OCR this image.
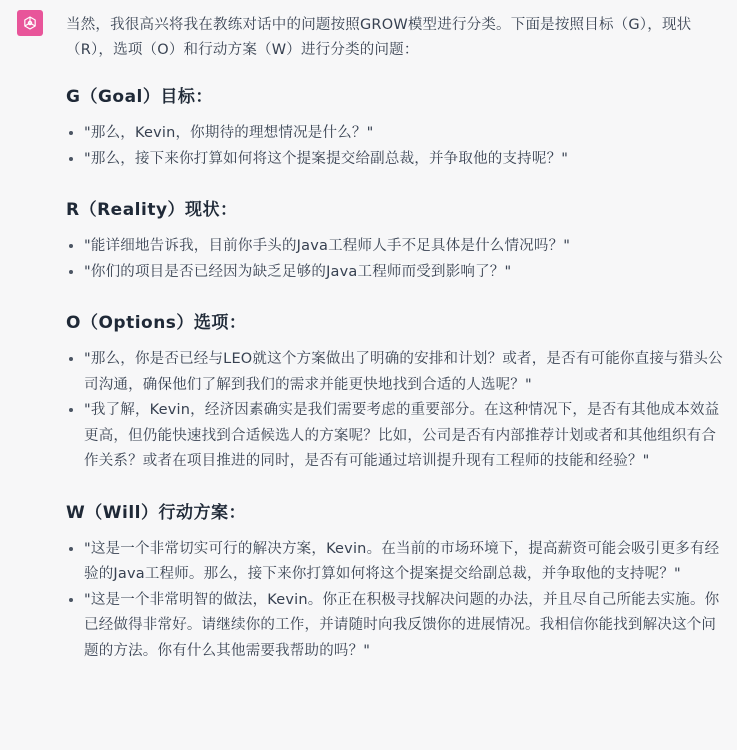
当然，我很高兴将我在教练对话中的问题按照GROW模型进行分类。下面是按照目标（G），现状（R），选项（O）和行动方案（W）进行分类的问题：

G（Goal）目标：
"那么，Kevin，你期待的理想情况是什么？"
"那么，接下来你打算如何将这个提案提交给副总裁，并争取他的支持呢？"
R（Reality）现状：
"能详细地告诉我，目前你手头的Java工程师人手不足具体是什么情况吗？"
"你们的项目是否已经因为缺乏足够的Java工程师而受到影响了？"
O（Options）选项：
"那么，你是否已经与LEO就这个方案做出了明确的安排和计划？或者，是否有可能你直接与猎头公司沟通，确保他们了解到我们的需求并能更快地找到合适的人选呢？"
"我了解，Kevin，经济因素确实是我们需要考虑的重要部分。在这种情况下，是否有其他成本效益更高，但仍能快速找到合适候选人的方案呢？比如，公司是否有内部推荐计划或者和其他组织有合作关系？或者在项目推进的同时，是否有可能通过培训提升现有工程师的技能和经验？"
W（Will）行动方案：
"这是一个非常切实可行的解决方案，Kevin。在当前的市场环境下，提高薪资可能会吸引更多有经验的Java工程师。那么，接下来你打算如何将这个提案提交给副总裁，并争取他的支持呢？"
"这是一个非常明智的做法，Kevin。你正在积极寻找解决问题的办法，并且尽自己所能去实施。你已经做得非常好。请继续你的工作，并请随时向我反馈你的进展情况。我相信你能找到解决这个问题的方法。你有什么其他需要我帮助的吗？"
